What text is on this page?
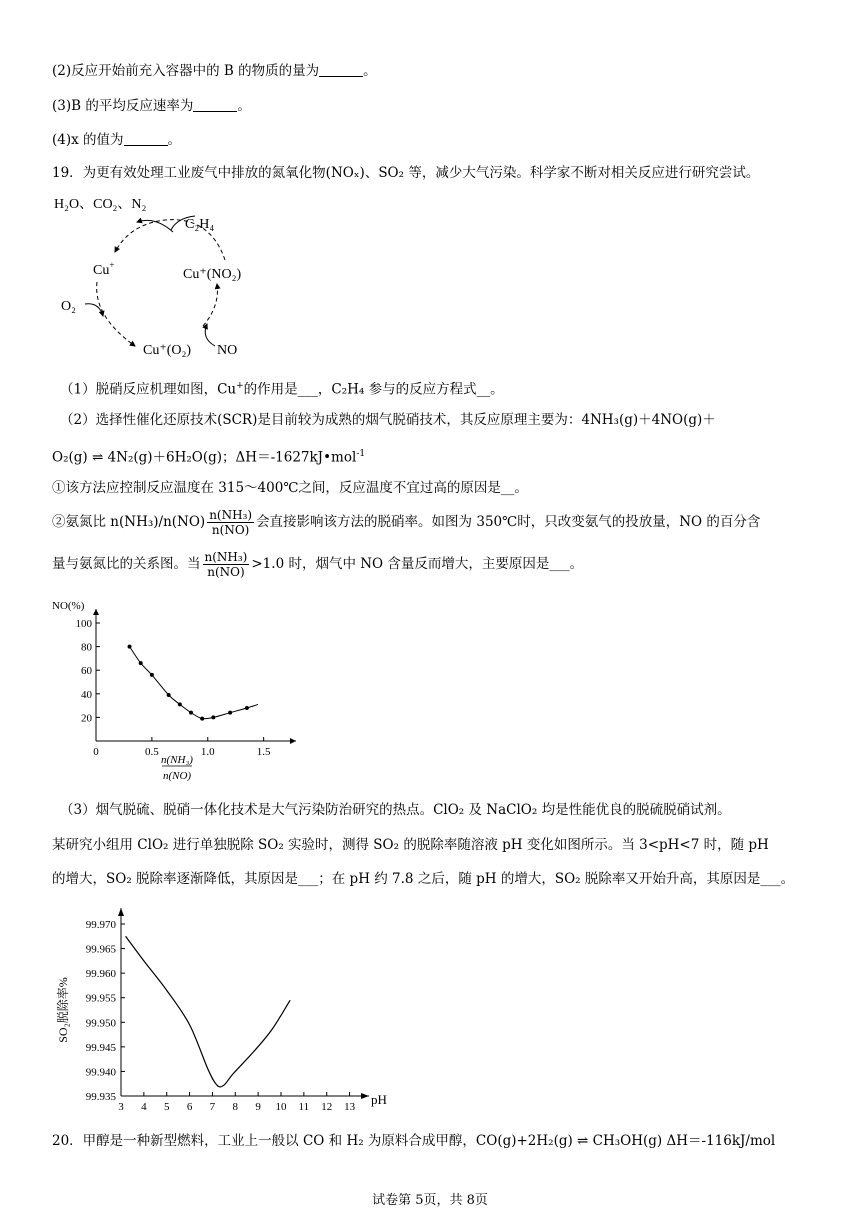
(2)反应开始前充入容器中的 B 的物质的量为	。
(3)B 的平均反应速率为	。
(4)x 的值为	。
19．为更有效处理工业废气中排放的氮氧化物(NOₓ)、SO₂ 等，减少大气污染。科学家不断对相关反应进行研究尝试。
H₂O、CO₂、N₂
C₂H₄
Cu+
Cu⁺(NO₂)
O₂
Cu⁺(O₂) NO
（1）脱硝反应机理如图，Cu+的作用是___，C₂H₄ 参与的反应方程式__。
（2）选择性催化还原技术(SCR)是目前较为成熟的烟气脱硝技术，其反应原理主要为：4NH₃(g)＋4NO(g)＋
O₂(g) ⇌ 4N₂(g)＋6H₂O(g)；ΔH＝-1627kJ•mol$^{-1}$
①该方法应控制反应温度在 315～400℃之间，反应温度不宜过高的原因是__。
②氨氮比 $n(NH_3)/n(NO) \frac{\text{n(NH₃)}}{n(NO)}$ 会直接影响该方法的脱硝率。如图为 350℃时，只改变氨气的投放量，NO 的百分含
量与氨氮比的关系图。当 $\frac{\text{n(NH₃)}}{n(NO)} >1.0$ 时，烟气中 NO 含量反而增大，主要原因是___。
NO(%)
20
40
60
80
100
0	0.5	1.0	1.5
n(NH₃)
n(NO)
（3）烟气脱硫、脱硝一体化技术是大气污染防治研究的热点。ClO₂ 及 NaClO₂ 均是性能优良的脱硫脱硝试剂。
某研究小组用 ClO₂ 进行单独脱除 SO₂ 实验时，测得 SO₂ 的脱除率随溶液 pH 变化如图所示。当 3<pH<7 时，随 pH
的增大，SO₂ 脱除率逐渐降低，其原因是___；在 pH 约 7.8 之后，随 pH 的增大，SO₂ 脱除率又开始升高，其原因是___。
SO₂脱除率%
99.935
99.940
99.945
99.950
99.955
99.960
99.965
99.970
3 4 5 6 7 8 9 10 11 12 13 pH
20．甲醇是一种新型燃料，工业上一般以 CO 和 H₂ 为原料合成甲醇，CO(g)+2H₂(g) ⇌ CH₃OH(g) ΔH＝-116kJ/mol
试卷第 5页，共 8页
